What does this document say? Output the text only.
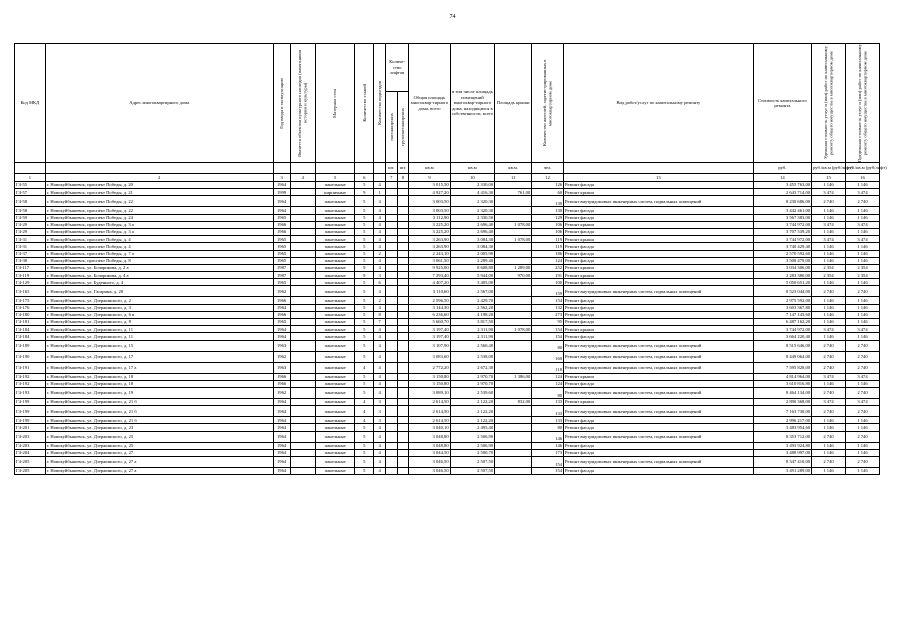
74
Код МКД	Адрес многоквартирного дома	Год ввода в эксплуатацию	Является объектом культурного наследия (памятником истории и культуры)	Материал стен	Количество этажей	Количество подъездов	Количе-ство лифтов		Общая площадь многоквар-тирного дома, всего	в том числе площадь помещений многоквар-тирного дома, находящихся в собственности, всего	Площадь крыши	Количество жителей, зарегистрированных в многоквартирном доме	Вид работ/услуг по капитальному ремонту	Стоимость капитального ремонта	Удельная стоимость услуг и (или) работ по капитальному ремонту общего имущества в многоквартирном доме	Предельная стоимость услуг и (или) работ по капитальному ремонту общего имущества в многоквартирном доме

							пассажирских	грузопассажирских								

							шт.	шт.	кв.м	кв.м	кв.м.	чел.		руб.	руб./кв.м (руб/лифт)	руб./кв.м (руб/лифт)
1	2	3	4	5	6		7	8	9	10	11	12	13	14	15	16
Г4-55	г. Новокуйбышевск, проспект Победы, д. 20	1964		панельные	5	4			3 015,50	2 330,00		126	Ремонт фасада	3 455 763,00	1 146	1 146
Г4-57	г. Новокуйбышевск, проспект Победы, д. 21	1999		кирпичные	9	1			4 927,20	4 416,30	761,00	60	Ремонт крыши	2 643 714,00	3 474	3 474
Г4-58	г. Новокуйбышевск, проспект Победы, д. 22	1964		панельные	5	4			3 003,50	2 320,30		130	Ремонт внутридомовых инженерных систем, подвальных помещений	8 230 686,00	2 740	2 740
Г4-58	г. Новокуйбышевск, проспект Победы, д. 22	1964		панельные	5	4			3 003,50	2 320,30		130	Ремонт фасада	3 442 461,00	1 146	1 146
Г4-59	г. Новокуйбышевск, проспект Победы, д. 24	1965		панельные	5	4			3 112,90	2 330,50		129	Ремонт фасада	3 567 383,00	1 146	1 146
Г4-29	г. Новокуйбышевск, проспект Победы, д. 3 а	1966		панельные	5	4			3 225,20	2 696,40	1 078,00	106	Ремонт крыши	3 744 972,00	3 474	3 474
Г4-29	г. Новокуйбышевск, проспект Победы, д. 3 а	1966		панельные	5	4			3 225,20	2 696,40		106	Ремонт фасада	3 707 539,20	1 146	1 146
Г4-31	г. Новокуйбышевск, проспект Победы, д. 4	1965		панельные	5	4			3 263,90	3 084,30	1 078,00	119	Ремонт крыши	3 744 972,00	3 474	3 474
Г4-31	г. Новокуйбышевск, проспект Победы, д. 4	1965		панельные	5	4			3 263,90	3 084,30		119	Ремонт фасада	3 740 429,40	1 146	1 146
Г4-37	г. Новокуйбышевск, проспект Победы, д. 7 а	1965		панельные	5	2			2 243,10	2 005,90		186	Ремонт фасада	2 570 592,60	1 146	1 146
Г4-38	г. Новокуйбышевск, проспект Победы, д. 8	1965		панельные	5	4			3 061,50	2 289,40		124	Ремонт фасада	3 508 479,00	1 146	1 146
Г4-117	г. Новокуйбышевск, ул. Бочарикова, д. 2 а	1987		панельные	9	4			9 925,00	8 608,80	1 289,00	252	Ремонт крыши	3 034 306,00	2 354	2 354
Г4-119	г. Новокуйбышевск, ул. Бочарикова, д. 4 а	1987		панельные	9	3			7 293,40	5 944,00	970,00	191	Ремонт крыши	2 283 380,00	2 354	2 354
Г4-129	г. Новокуйбышевск, ул. Буденного, д. 4	1965		панельные	5	6			4 407,20	3 405,00		100	Ремонт фасада	5 050 651,20	1 146	1 146
Г4-165	г. Новокуйбышевск, ул. Гагарина, д. 28	1962		панельные	5	4			3 110,60	2 567,00		159	Ремонт внутридомовых инженерных систем, подвальных помещений	8 523 044,00	2 740	2 740
Г4-175	г. Новокуйбышевск, ул. Дзержинского, д. 2	1966		панельные	5	2			2 596,50	2 429,70		154	Ремонт фасада	2 975 592,00	1 146	1 146
Г4-176	г. Новокуйбышевск, ул. Дзержинского, д. 3	1964		панельные	5	4			3 144,30	2 562,20		132	Ремонт фасада	3 603 367,80	1 146	1 146
Г4-180	г. Новокуйбышевск, ул. Дзержинского, д. 6 в	1966		панельные	5	8			6 236,60	4 198,20		273	Ремонт фасада	7 147 143,60	1 146	1 146
Г4-181	г. Новокуйбышевск, ул. Дзержинского, д. 8	1965		панельные	5	7			5 660,70	3 817,50		95	Ремонт фасада	6 487 162,20	1 146	1 146
Г4-184	г. Новокуйбышевск, ул. Дзержинского, д. 11	1964		панельные	5	4			3 197,40	2 311,90	1 078,00	154	Ремонт крыши	3 744 972,00	3 474	3 474
Г4-184	г. Новокуйбышевск, ул. Дзержинского, д. 11	1964		панельные	5	4			3 197,40	2 311,90		154	Ремонт фасада	3 664 220,40	1 146	1 146
Г4-189	г. Новокуйбышевск, ул. Дзержинского, д. 15	1963		панельные	5	4			3 107,90	2 560,40		80	Ремонт внутридомовых инженерных систем, подвальных помещений	8 515 646,00	2 740	2 740
Г4-190	г. Новокуйбышевск, ул. Дзержинского, д. 17	1962		панельные	5	4			3 083,60	2 538,00		160	Ремонт внутридомовых инженерных систем, подвальных помещений	8 449 064,00	2 740	2 740
Г4-191	г. Новокуйбышевск, ул. Дзержинского, д. 17 а	1963		панельные	4	4			2 772,20	2 672,30		118	Ремонт внутридомовых инженерных систем, подвальных помещений	7 595 828,00	2 740	2 740
Г4-192	г. Новокуйбышевск, ул. Дзержинского, д. 18	1966		панельные	5	4			3 150,80	2 970,70	1 386,00	124	Ремонт крыши	4 814 964,00	3 474	3 474
Г4-192	г. Новокуйбышевск, ул. Дзержинского, д. 18	1966		панельные	5	4			3 150,80	2 970,70		124	Ремонт фасада	3 610 816,80	1 146	1 146
Г4-193	г. Новокуйбышевск, ул. Дзержинского, д. 19	1962		панельные	5	4			3 089,10	2 539,60		80	Ремонт внутридомовых инженерных систем, подвальных помещений	8 464 134,00	2 740	2 740
Г4-199	г. Новокуйбышевск, ул. Дзержинского, д. 21 б	1964		панельные	4	3			2 614,50	2 122,20	832,00	133	Ремонт крыши	2 890 368,00	3 474	3 474
Г4-199	г. Новокуйбышевск, ул. Дзержинского, д. 21 б	1964		панельные	4	3			2 614,50	2 122,20		133	Ремонт внутридомовых инженерных систем, подвальных помещений	7 163 730,00	2 740	2 740
Г4-199	г. Новокуйбышевск, ул. Дзержинского, д. 21 б	1964		панельные	4	3			2 614,50	2 122,20		133	Ремонт фасада	2 996 217,00	1 146	1 146
Г4-201	г. Новокуйбышевск, ул. Дзержинского, д. 23	1964		панельные	5	4			3 040,10	2 495,40		80	Ремонт фасада	3 483 954,60	1 146	1 146
Г4-203	г. Новокуйбышевск, ул. Дзержинского, д. 25	1964		панельные	5	4			3 048,80	2 506,90		146	Ремонт внутридомовых инженерных систем, подвальных помещений	8 353 712,00	2 740	2 740
Г4-203	г. Новокуйбышевск, ул. Дзержинского, д. 25	1964		панельные	5	4			3 048,80	2 506,90		146	Ремонт фасада	3 493 924,80	1 146	1 146
Г4-204	г. Новокуйбышевск, ул. Дзержинского, д. 27	1964		панельные	5	4			3 044,50	2 500,70		173	Ремонт фасада	3 488 997,00	1 146	1 146
Г4-205	г. Новокуйбышевск, ул. Дзержинского, д. 27 а	1964		панельные	5	4			3 046,50	2 507,50		154	Ремонт внутридомовых инженерных систем, подвальных помещений	8 347 410,00	2 740	2 740
Г4-205	г. Новокуйбышевск, ул. Дзержинского, д. 27 а	1964		панельные	5	4			3 046,50	2 507,50		154	Ремонт фасада	3 491 289,00	1 146	1 146
